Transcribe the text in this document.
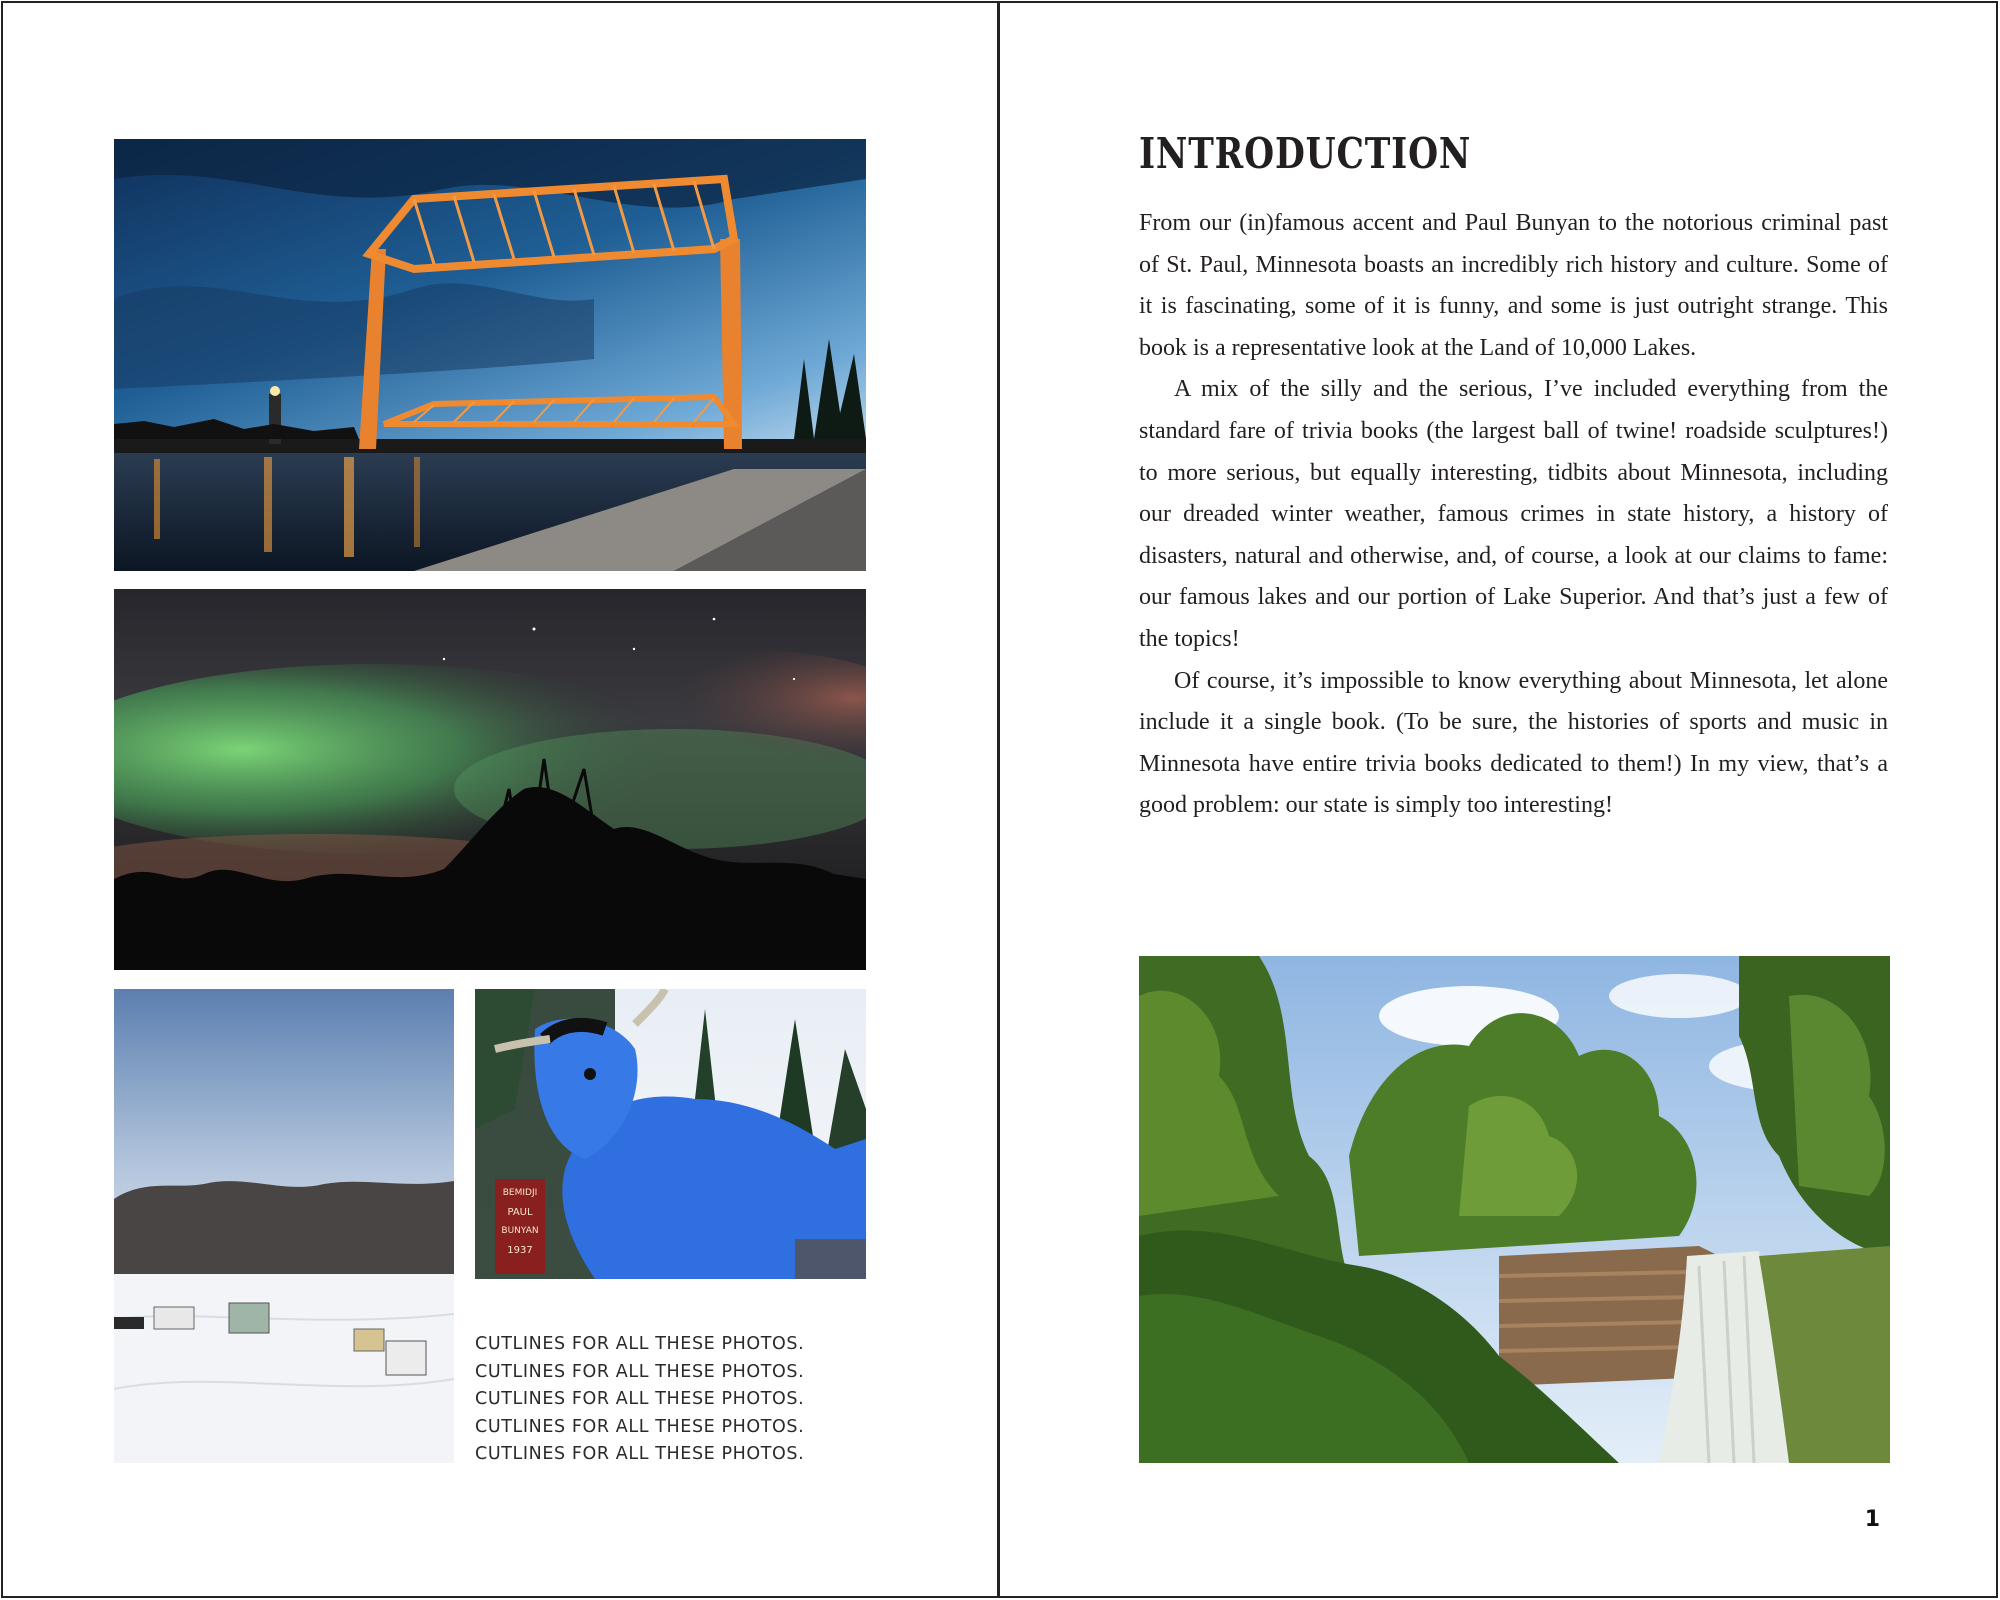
BEMIDJI
PAUL
BUNYAN
1937
CUTLINES FOR ALL THESE PHOTOS.
CUTLINES FOR ALL THESE PHOTOS.
CUTLINES FOR ALL THESE PHOTOS.
CUTLINES FOR ALL THESE PHOTOS.
CUTLINES FOR ALL THESE PHOTOS.
INTRODUCTION

From our (in)famous accent and Paul Bunyan to the notorious criminal past of St. Paul, Minnesota boasts an incredibly rich history and culture. Some of it is fascinating, some of it is funny, and some is just outright strange. This book is a representative look at the Land of 10,000 Lakes.

A mix of the silly and the serious, I’ve included everything from the standard fare of trivia books (the largest ball of twine! roadside sculptures!) to more serious, but equally interesting, tidbits about Minnesota, including our dreaded winter weather, famous crimes in state history, a history of disasters, natural and otherwise, and, of course, a look at our claims to fame: our famous lakes and our portion of Lake Superior. And that’s just a few of the topics!

Of course, it’s impossible to know everything about Minnesota, let alone include it a single book. (To be sure, the histories of sports and music in Minnesota have entire trivia books dedicated to them!) In my view, that’s a good problem: our state is simply too interesting!

1
